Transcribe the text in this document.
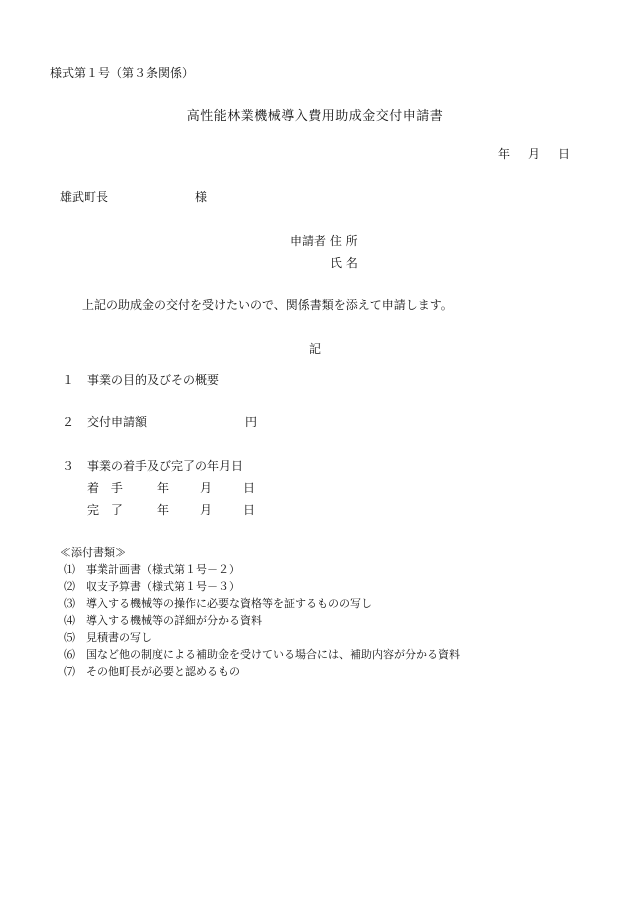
様式第１号（第３条関係）
高性能林業機械導入費用助成金交付申請書
年 月 日
雄武町長	様
申請者 住 所
氏 名
上記の助成金の交付を受けたいので、関係書類を添えて申請します。
記
１ 事業の目的及びその概要
２ 交付申請額	円
３ 事業の着手及び完了の年月日
着 手	年	月	日
完 了	年	月	日
≪添付書類≫
⑴ 事業計画書（様式第１号－２）
⑵ 収支予算書（様式第１号－３）
⑶ 導入する機械等の操作に必要な資格等を証するものの写し
⑷ 導入する機械等の詳細が分かる資料
⑸ 見積書の写し
⑹ 国など他の制度による補助金を受けている場合には、補助内容が分かる資料
⑺ その他町長が必要と認めるもの
